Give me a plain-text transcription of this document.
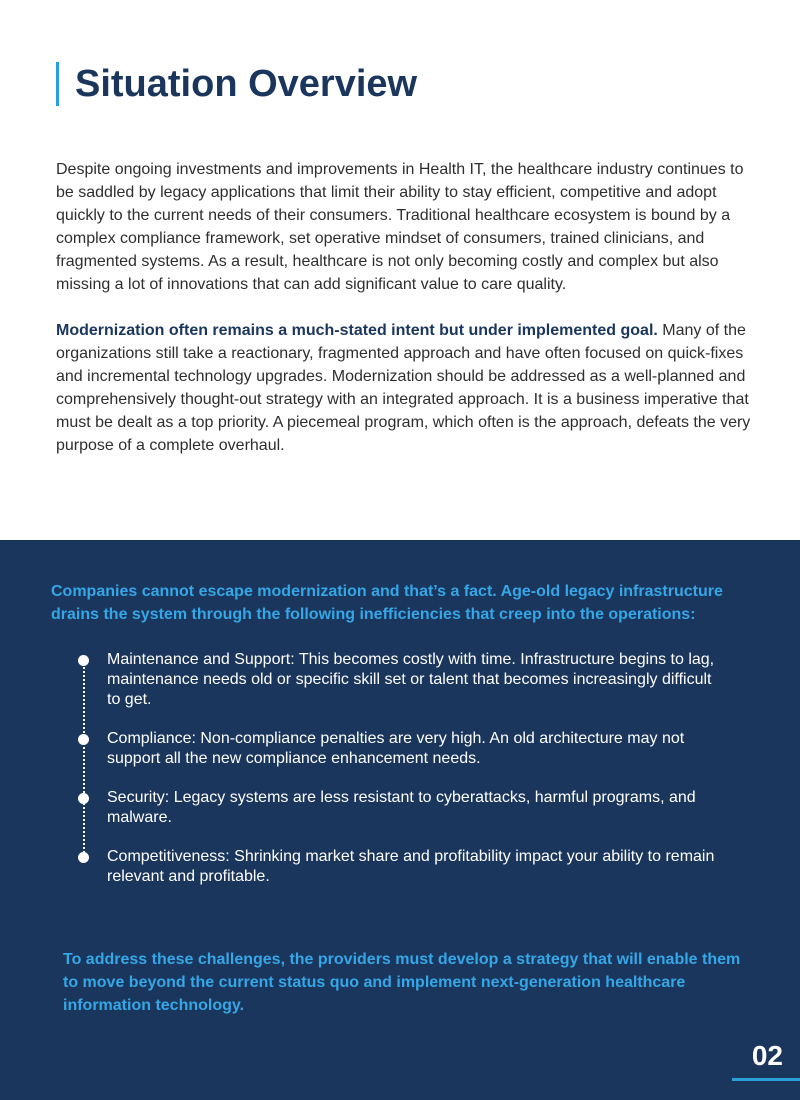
Situation Overview

Despite ongoing investments and improvements in Health IT, the healthcare industry continues to be saddled by legacy applications that limit their ability to stay efficient, competitive and adopt quickly to the current needs of their consumers. Traditional healthcare ecosystem is bound by a complex compliance framework, set operative mindset of consumers, trained clinicians, and fragmented systems. As a result, healthcare is not only becoming costly and complex but also missing a lot of innovations that can add significant value to care quality.

Modernization often remains a much-stated intent but under implemented goal. Many of the organizations still take a reactionary, fragmented approach and have often focused on quick-fixes and incremental technology upgrades. Modernization should be addressed as a well-planned and comprehensively thought-out strategy with an integrated approach. It is a business imperative that must be dealt as a top priority. A piecemeal program, which often is the approach, defeats the very purpose of a complete overhaul.

Companies cannot escape modernization and that’s a fact. Age-old legacy infrastructure drains the system through the following inefficiencies that creep into the operations:
Maintenance and Support: This becomes costly with time. Infrastructure begins to lag, maintenance needs old or specific skill set or talent that becomes increasingly difficult to get.
Compliance: Non-compliance penalties are very high. An old architecture may not support all the new compliance enhancement needs.
Security: Legacy systems are less resistant to cyberattacks, harmful programs, and malware.
Competitiveness: Shrinking market share and profitability impact your ability to remain relevant and profitable.
To address these challenges, the providers must develop a strategy that will enable them to move beyond the current status quo and implement next-generation healthcare information technology.
02
